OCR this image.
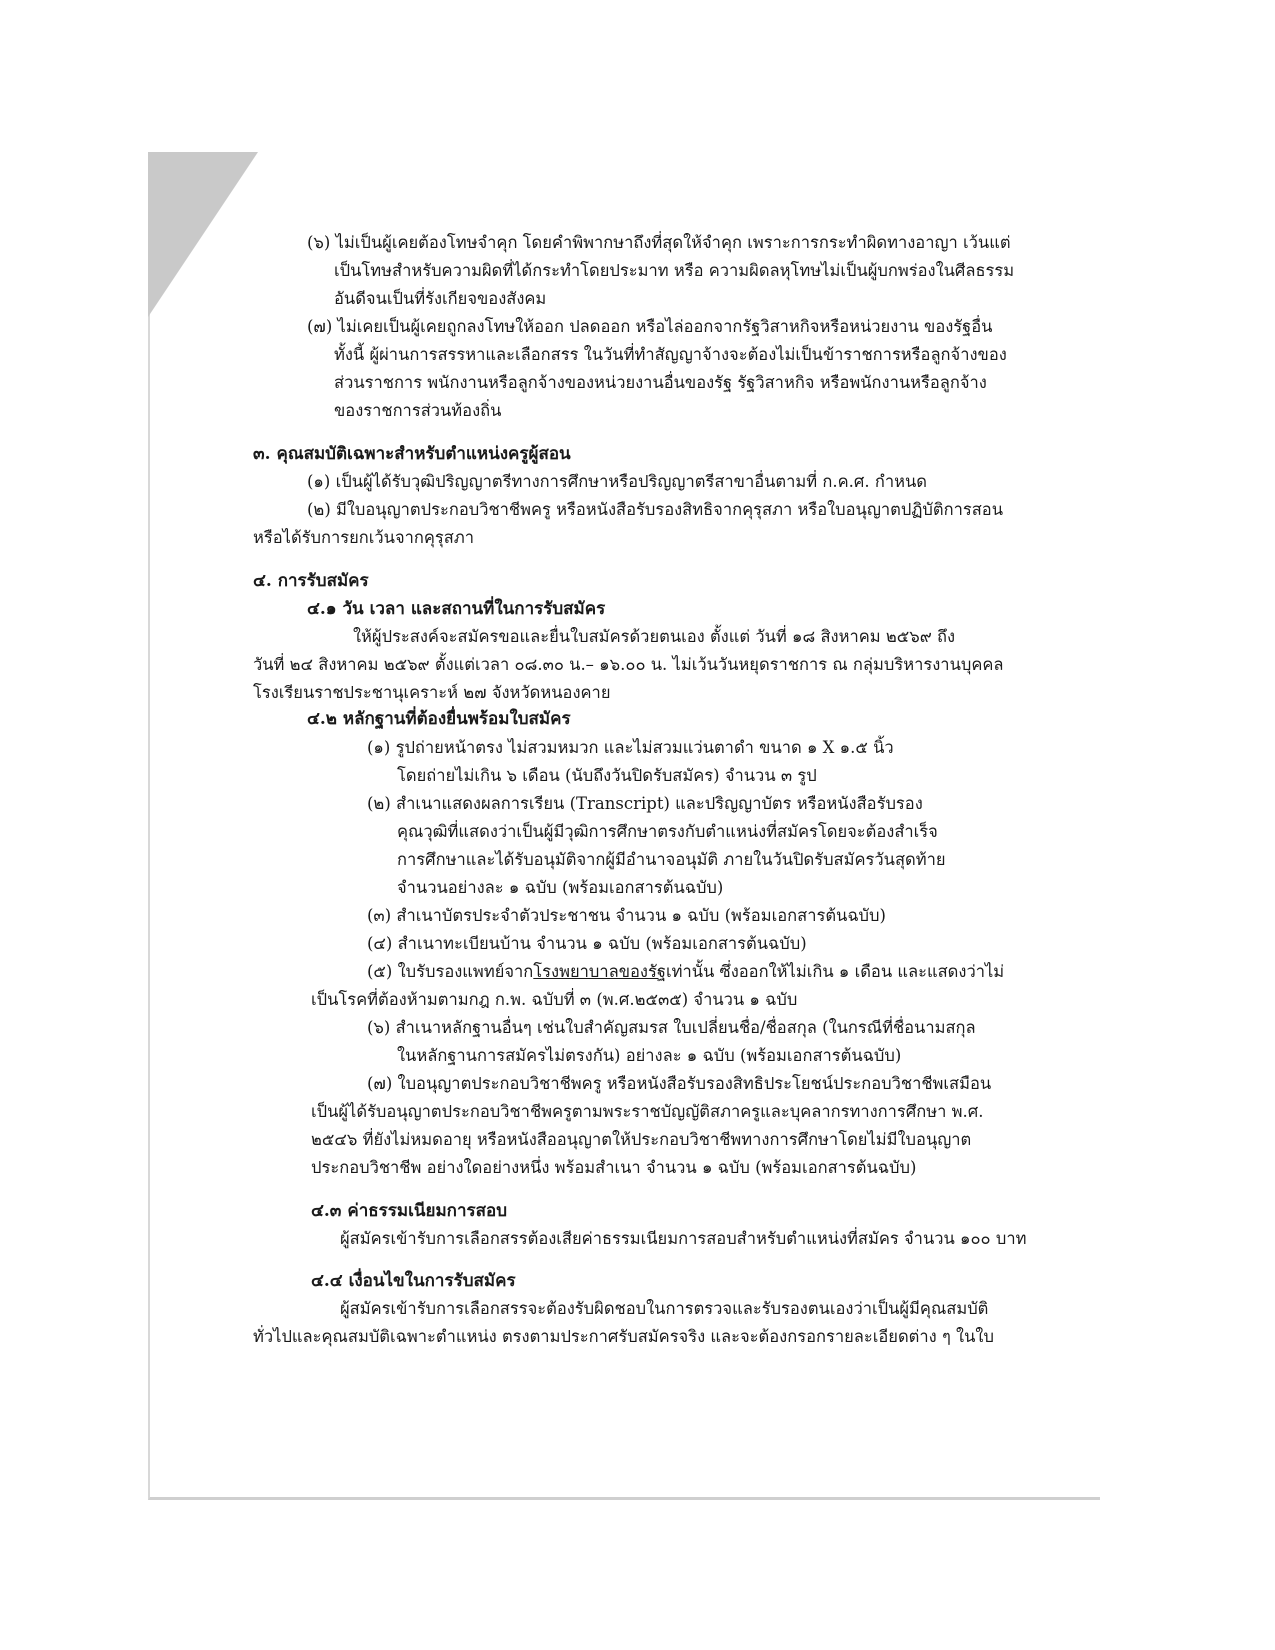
(๖) ไม่เป็นผู้เคยต้องโทษจำคุก โดยคำพิพากษาถึงที่สุดให้จำคุก เพราะการกระทำผิดทางอาญา เว้นแต่
เป็นโทษสำหรับความผิดที่ได้กระทำโดยประมาท หรือ ความผิดลหุโทษไม่เป็นผู้บกพร่องในศีลธรรม
อันดีจนเป็นที่รังเกียจของสังคม
(๗) ไม่เคยเป็นผู้เคยถูกลงโทษให้ออก ปลดออก หรือไล่ออกจากรัฐวิสาหกิจหรือหน่วยงาน ของรัฐอื่น
ทั้งนี้ ผู้ผ่านการสรรหาและเลือกสรร ในวันที่ทำสัญญาจ้างจะต้องไม่เป็นข้าราชการหรือลูกจ้างของ
ส่วนราชการ พนักงานหรือลูกจ้างของหน่วยงานอื่นของรัฐ รัฐวิสาหกิจ หรือพนักงานหรือลูกจ้าง
ของราชการส่วนท้องถิ่น
๓. คุณสมบัติเฉพาะสำหรับตำแหน่งครูผู้สอน
(๑) เป็นผู้ได้รับวุฒิปริญญาตรีทางการศึกษาหรือปริญญาตรีสาขาอื่นตามที่ ก.ค.ศ. กำหนด
(๒) มีใบอนุญาตประกอบวิชาชีพครู หรือหนังสือรับรองสิทธิจากคุรุสภา หรือใบอนุญาตปฏิบัติการสอน
หรือได้รับการยกเว้นจากคุรุสภา
๔. การรับสมัคร
๔.๑ วัน เวลา และสถานที่ในการรับสมัคร
ให้ผู้ประสงค์จะสมัครขอและยื่นใบสมัครด้วยตนเอง ตั้งแต่ วันที่ ๑๘ สิงหาคม ๒๕๖๙ ถึง
วันที่ ๒๔ สิงหาคม ๒๕๖๙ ตั้งแต่เวลา ๐๘.๓๐ น.– ๑๖.๐๐ น. ไม่เว้นวันหยุดราชการ ณ กลุ่มบริหารงานบุคคล
โรงเรียนราชประชานุเคราะห์ ๒๗ จังหวัดหนองคาย
๔.๒ หลักฐานที่ต้องยื่นพร้อมใบสมัคร
(๑) รูปถ่ายหน้าตรง ไม่สวมหมวก และไม่สวมแว่นตาดำ ขนาด ๑ X ๑.๕ นิ้ว
โดยถ่ายไม่เกิน ๖ เดือน (นับถึงวันปิดรับสมัคร) จำนวน ๓ รูป
(๒) สำเนาแสดงผลการเรียน (Transcript) และปริญญาบัตร หรือหนังสือรับรอง
คุณวุฒิที่แสดงว่าเป็นผู้มีวุฒิการศึกษาตรงกับตำแหน่งที่สมัครโดยจะต้องสำเร็จ
การศึกษาและได้รับอนุมัติจากผู้มีอำนาจอนุมัติ ภายในวันปิดรับสมัครวันสุดท้าย
จำนวนอย่างละ ๑ ฉบับ (พร้อมเอกสารต้นฉบับ)
(๓) สำเนาบัตรประจำตัวประชาชน จำนวน ๑ ฉบับ (พร้อมเอกสารต้นฉบับ)
(๔) สำเนาทะเบียนบ้าน จำนวน ๑ ฉบับ (พร้อมเอกสารต้นฉบับ)
(๕) ใบรับรองแพทย์จากโรงพยาบาลของรัฐเท่านั้น ซึ่งออกให้ไม่เกิน ๑ เดือน และแสดงว่าไม่
เป็นโรคที่ต้องห้ามตามกฎ ก.พ. ฉบับที่ ๓ (พ.ศ.๒๕๓๕) จำนวน ๑ ฉบับ
(๖) สำเนาหลักฐานอื่นๆ เช่นใบสำคัญสมรส ใบเปลี่ยนชื่อ/ชื่อสกุล (ในกรณีที่ชื่อนามสกุล
ในหลักฐานการสมัครไม่ตรงกัน) อย่างละ ๑ ฉบับ (พร้อมเอกสารต้นฉบับ)
(๗) ใบอนุญาตประกอบวิชาชีพครู หรือหนังสือรับรองสิทธิประโยชน์ประกอบวิชาชีพเสมือน
เป็นผู้ได้รับอนุญาตประกอบวิชาชีพครูตามพระราชบัญญัติสภาครูและบุคลากรทางการศึกษา พ.ศ.
๒๕๔๖ ที่ยังไม่หมดอายุ หรือหนังสืออนุญาตให้ประกอบวิชาชีพทางการศึกษาโดยไม่มีใบอนุญาต
ประกอบวิชาชีพ อย่างใดอย่างหนึ่ง พร้อมสำเนา จำนวน ๑ ฉบับ (พร้อมเอกสารต้นฉบับ)
๔.๓ ค่าธรรมเนียมการสอบ
ผู้สมัครเข้ารับการเลือกสรรต้องเสียค่าธรรมเนียมการสอบสำหรับตำแหน่งที่สมัคร จำนวน ๑๐๐ บาท
๔.๔ เงื่อนไขในการรับสมัคร
ผู้สมัครเข้ารับการเลือกสรรจะต้องรับผิดชอบในการตรวจและรับรองตนเองว่าเป็นผู้มีคุณสมบัติ
ทั่วไปและคุณสมบัติเฉพาะตำแหน่ง ตรงตามประกาศรับสมัครจริง และจะต้องกรอกรายละเอียดต่าง ๆ ในใบ
